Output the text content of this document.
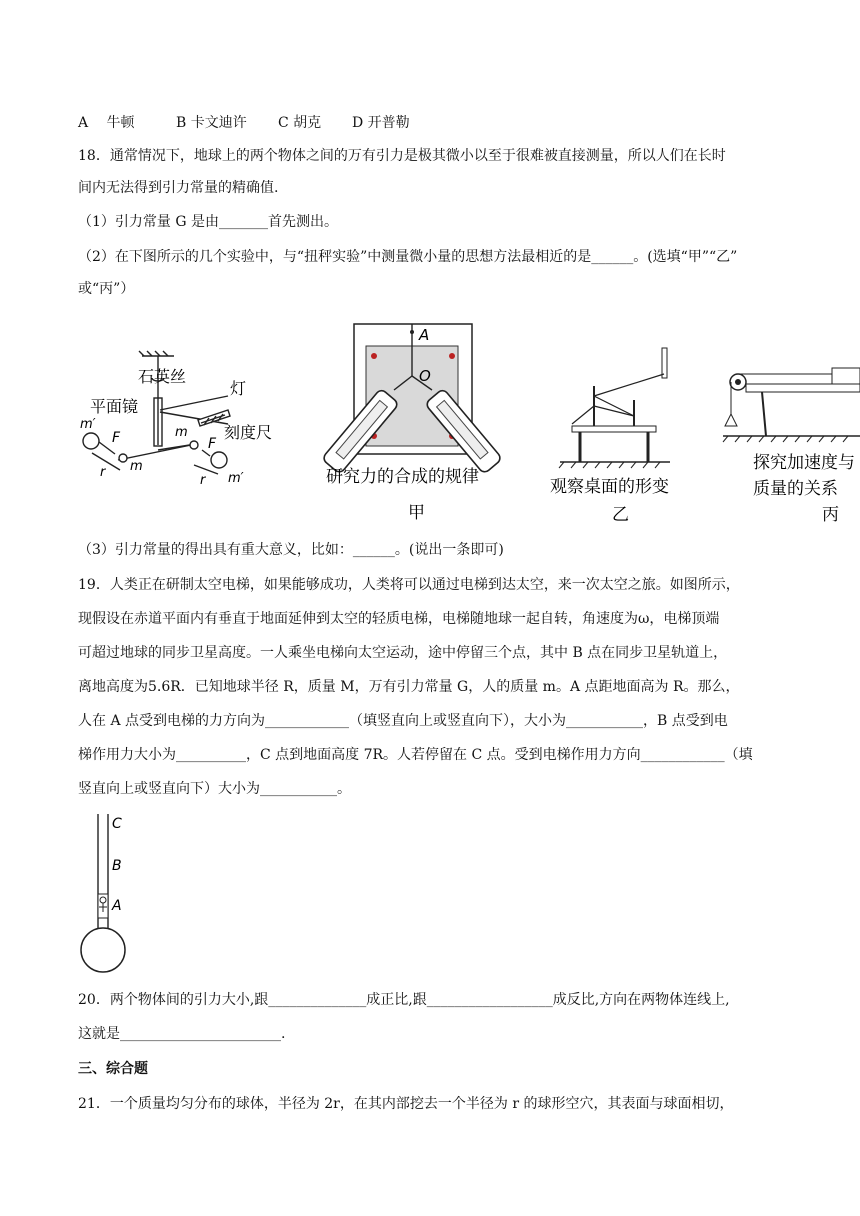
A　 牛顿	B 卡文迪许 C 胡克 D 开普勒
18．通常情况下，地球上的两个物体之间的万有引力是极其微小以至于很难被直接测量，所以人们在长时
间内无法得到引力常量的精确值.
（1）引力常量 G 是由_______首先测出。
（2）在下图所示的几个实验中，与“扭秤实验”中测量微小量的思想方法最相近的是______。(选填“甲”“乙”
或“丙”）
石英丝
灯
平面镜
刻度尺
m′
F
m
m
F
r
r m′
A
O
研究力的合成的规律
甲
观察桌面的形变
乙
探究加速度与
质量的关系
丙
（3）引力常量的得出具有重大意义，比如：______。(说出一条即可)
19．人类正在研制太空电梯，如果能够成功，人类将可以通过电梯到达太空，来一次太空之旅。如图所示，
现假设在赤道平面内有垂直于地面延伸到太空的轻质电梯，电梯随地球一起自转，角速度为ω，电梯顶端
可超过地球的同步卫星高度。一人乘坐电梯向太空运动，途中停留三个点，其中 B 点在同步卫星轨道上，
离地高度为5.6R．已知地球半径 R，质量 M，万有引力常量 G，人的质量 m。A 点距地面高为 R。那么，
人在 A 点受到电梯的力方向为____________（填竖直向上或竖直向下），大小为___________，B 点受到电
梯作用力大小为__________，C 点到地面高度 7R。人若停留在 C 点。受到电梯作用力方向____________（填
竖直向上或竖直向下）大小为___________。
C
B
A
20．两个物体间的引力大小,跟______________成正比,跟__________________成反比,方向在两物体连线上,
这就是_______________________.
三、综合题
21．一个质量均匀分布的球体，半径为 2r，在其内部挖去一个半径为 r 的球形空穴，其表面与球面相切，
